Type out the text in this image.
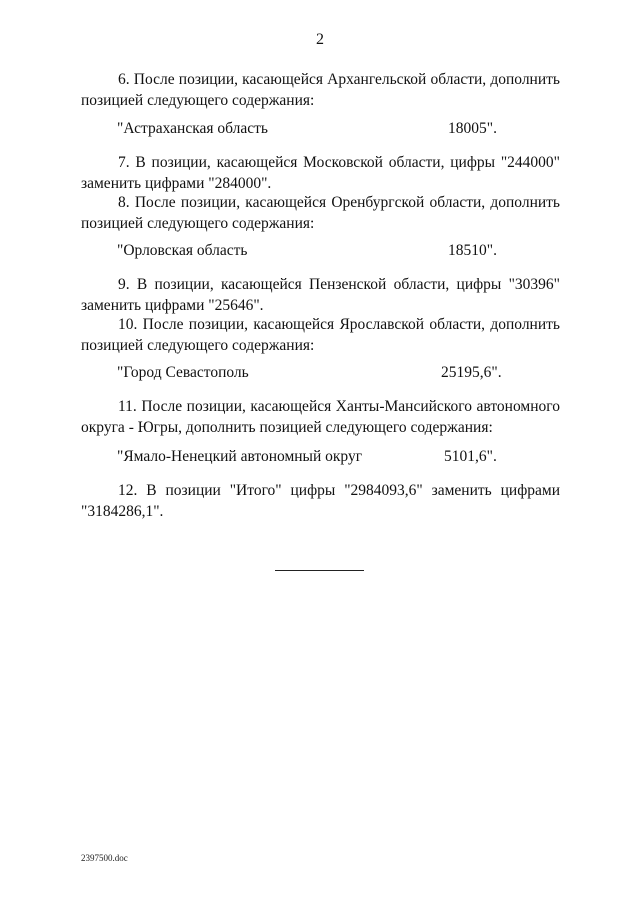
2

6. После позиции, касающейся Архангельской области, дополнить позицией следующего содержания:

"Астраханская область	18005".

7. В позиции, касающейся Московской области, цифры "244000" заменить цифрами "284000".

8. После позиции, касающейся Оренбургской области, дополнить позицией следующего содержания:

"Орловская область	18510".

9. В позиции, касающейся Пензенской области, цифры "30396" заменить цифрами "25646".

10. После позиции, касающейся Ярославской области, дополнить позицией следующего содержания:

"Город Севастополь	25195,6".

11. После позиции, касающейся Ханты-Мансийского автономного округа - Югры, дополнить позицией следующего содержания:

"Ямало-Ненецкий автономный округ	5101,6".

12. В позиции "Итого" цифры "2984093,6" заменить цифрами "3184286,1".

2397500.doc
